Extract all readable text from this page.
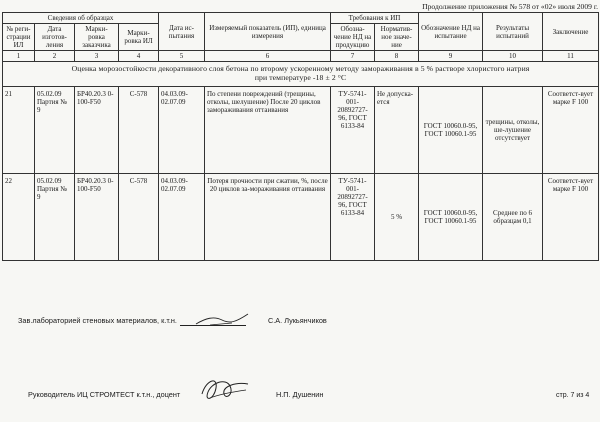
Продолжение приложения № 578 от «02» июля 2009 г.
Сведения об образцах				Дата ис-пытания	Измеряемый показатель (ИП), единица измерения	Требования к ИП		Обозначение НД на испытание	Результаты испытаний	Заключение
№ реги-страции ИЛ	Дата изготов-ления	Марки-ровка заказчика	Марки-ровка ИЛ			Обозна-чение НД на продукцию	Норматив-ное значе-ние			
1	2	3	4	5	6	7	8	9	10	11

Оценка морозостойкости декоративного слоя бетона по второму ускоренному методу замораживания в 5 % растворе хлористого натрия
при температуре -18 ± 2 °С										

21	05.02.09 Партия № 9	БР40.20.3 0-100-F50	С-578	04.03.09-02.07.09	По степени повреждений (трещины, отколы, шелушение) После 20 циклов замораживания оттаивания	ТУ-5741-001-20892727-96, ГОСТ 6133-84	Не допуска-ется	ГОСТ 10060.0-95, ГОСТ 10060.1-95	трещины, отколы, ше-лушение отсутствует	Соответст-вует марке F 100
22	05.02.09 Партия № 9	БР40.20.3 0-100-F50	С-578	04.03.09-02.07.09	Потеря прочности при сжатии, %, после 20 циклов за-мораживания оттаивания	ТУ-5741-001-20892727-96, ГОСТ 6133-84	5 %	ГОСТ 10060.0-95, ГОСТ 10060.1-95	Среднее по 6 образцам 0,1	Соответст-вует марке F 100
Зав.лабораторией стеновых материалов, к.т.н.	С.А. Лукьянчиков
Руководитель ИЦ СТРОМТЕСТ к.т.н., доцент	Н.П. Душенин	стр. 7 из 4
